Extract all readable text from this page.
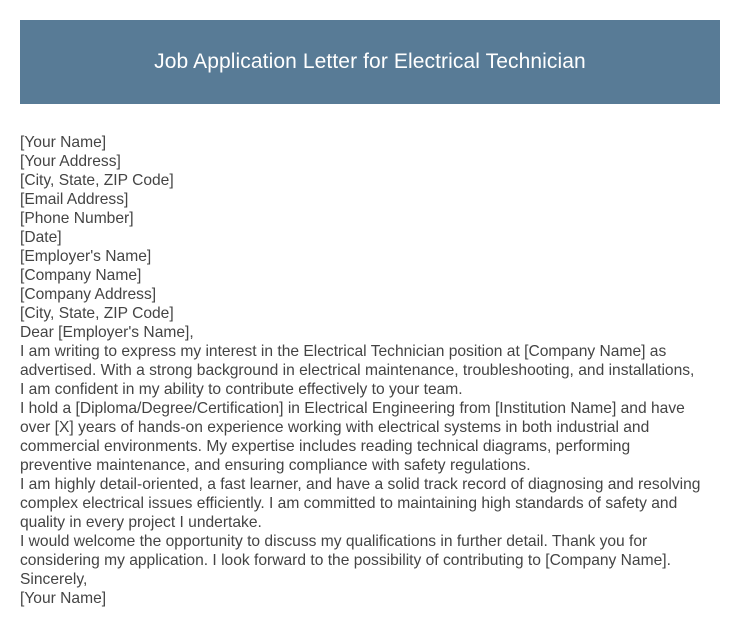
Job Application Letter for Electrical Technician
[Your Name]
[Your Address]
[City, State, ZIP Code]
[Email Address]
[Phone Number]
[Date]
[Employer's Name]
[Company Name]
[Company Address]
[City, State, ZIP Code]
Dear [Employer's Name],
I am writing to express my interest in the Electrical Technician position at [Company Name] as
advertised. With a strong background in electrical maintenance, troubleshooting, and installations,
I am confident in my ability to contribute effectively to your team.
I hold a [Diploma/Degree/Certification] in Electrical Engineering from [Institution Name] and have
over [X] years of hands-on experience working with electrical systems in both industrial and
commercial environments. My expertise includes reading technical diagrams, performing
preventive maintenance, and ensuring compliance with safety regulations.
I am highly detail-oriented, a fast learner, and have a solid track record of diagnosing and resolving
complex electrical issues efficiently. I am committed to maintaining high standards of safety and
quality in every project I undertake.
I would welcome the opportunity to discuss my qualifications in further detail. Thank you for
considering my application. I look forward to the possibility of contributing to [Company Name].
Sincerely,
[Your Name]
